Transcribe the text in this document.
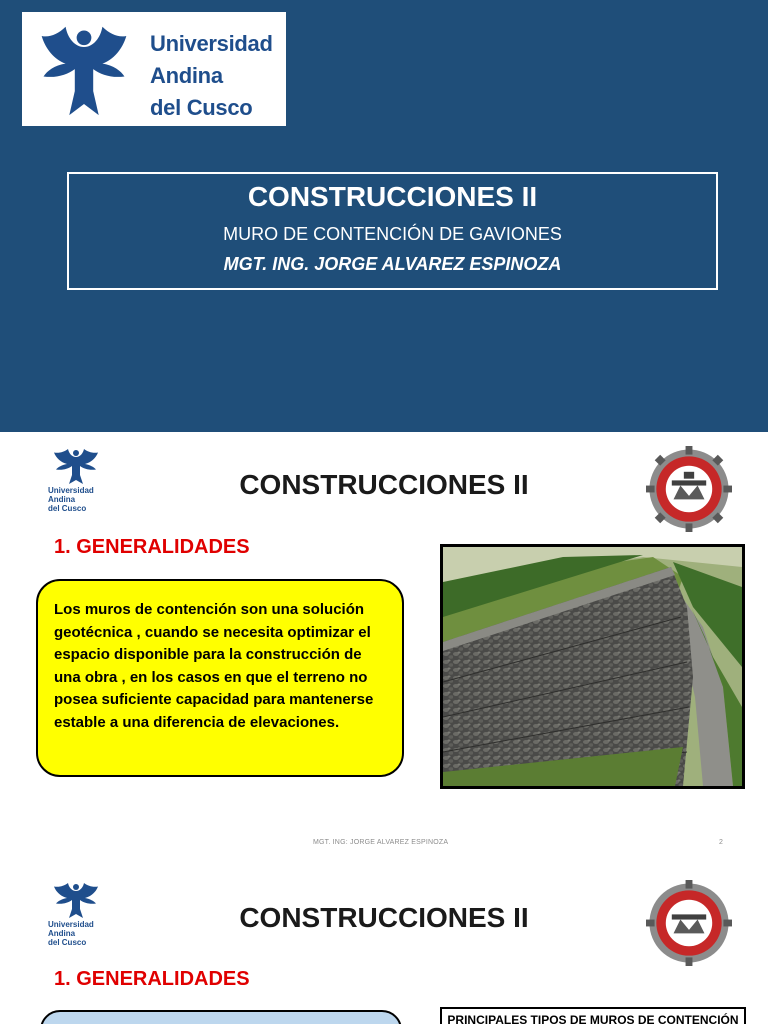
Universidad
Andina
del Cusco
CONSTRUCCIONES II
MURO DE CONTENCIÓN DE GAVIONES
MGT. ING. JORGE ALVAREZ ESPINOZA
Universidad
Andina
del Cusco
CONSTRUCCIONES II
1. GENERALIDADES

Los muros de contención son una solución geotécnica , cuando se necesita optimizar el espacio disponible para la construcción de una obra , en los casos en que el terreno no posea suficiente capacidad para mantenerse estable a una diferencia de elevaciones.

MGT. ING: JORGE ALVAREZ ESPINOZA	2
Universidad
Andina
del Cusco
CONSTRUCCIONES II
1. GENERALIDADES
PRINCIPALES TIPOS DE MUROS DE CONTENCIÓN
